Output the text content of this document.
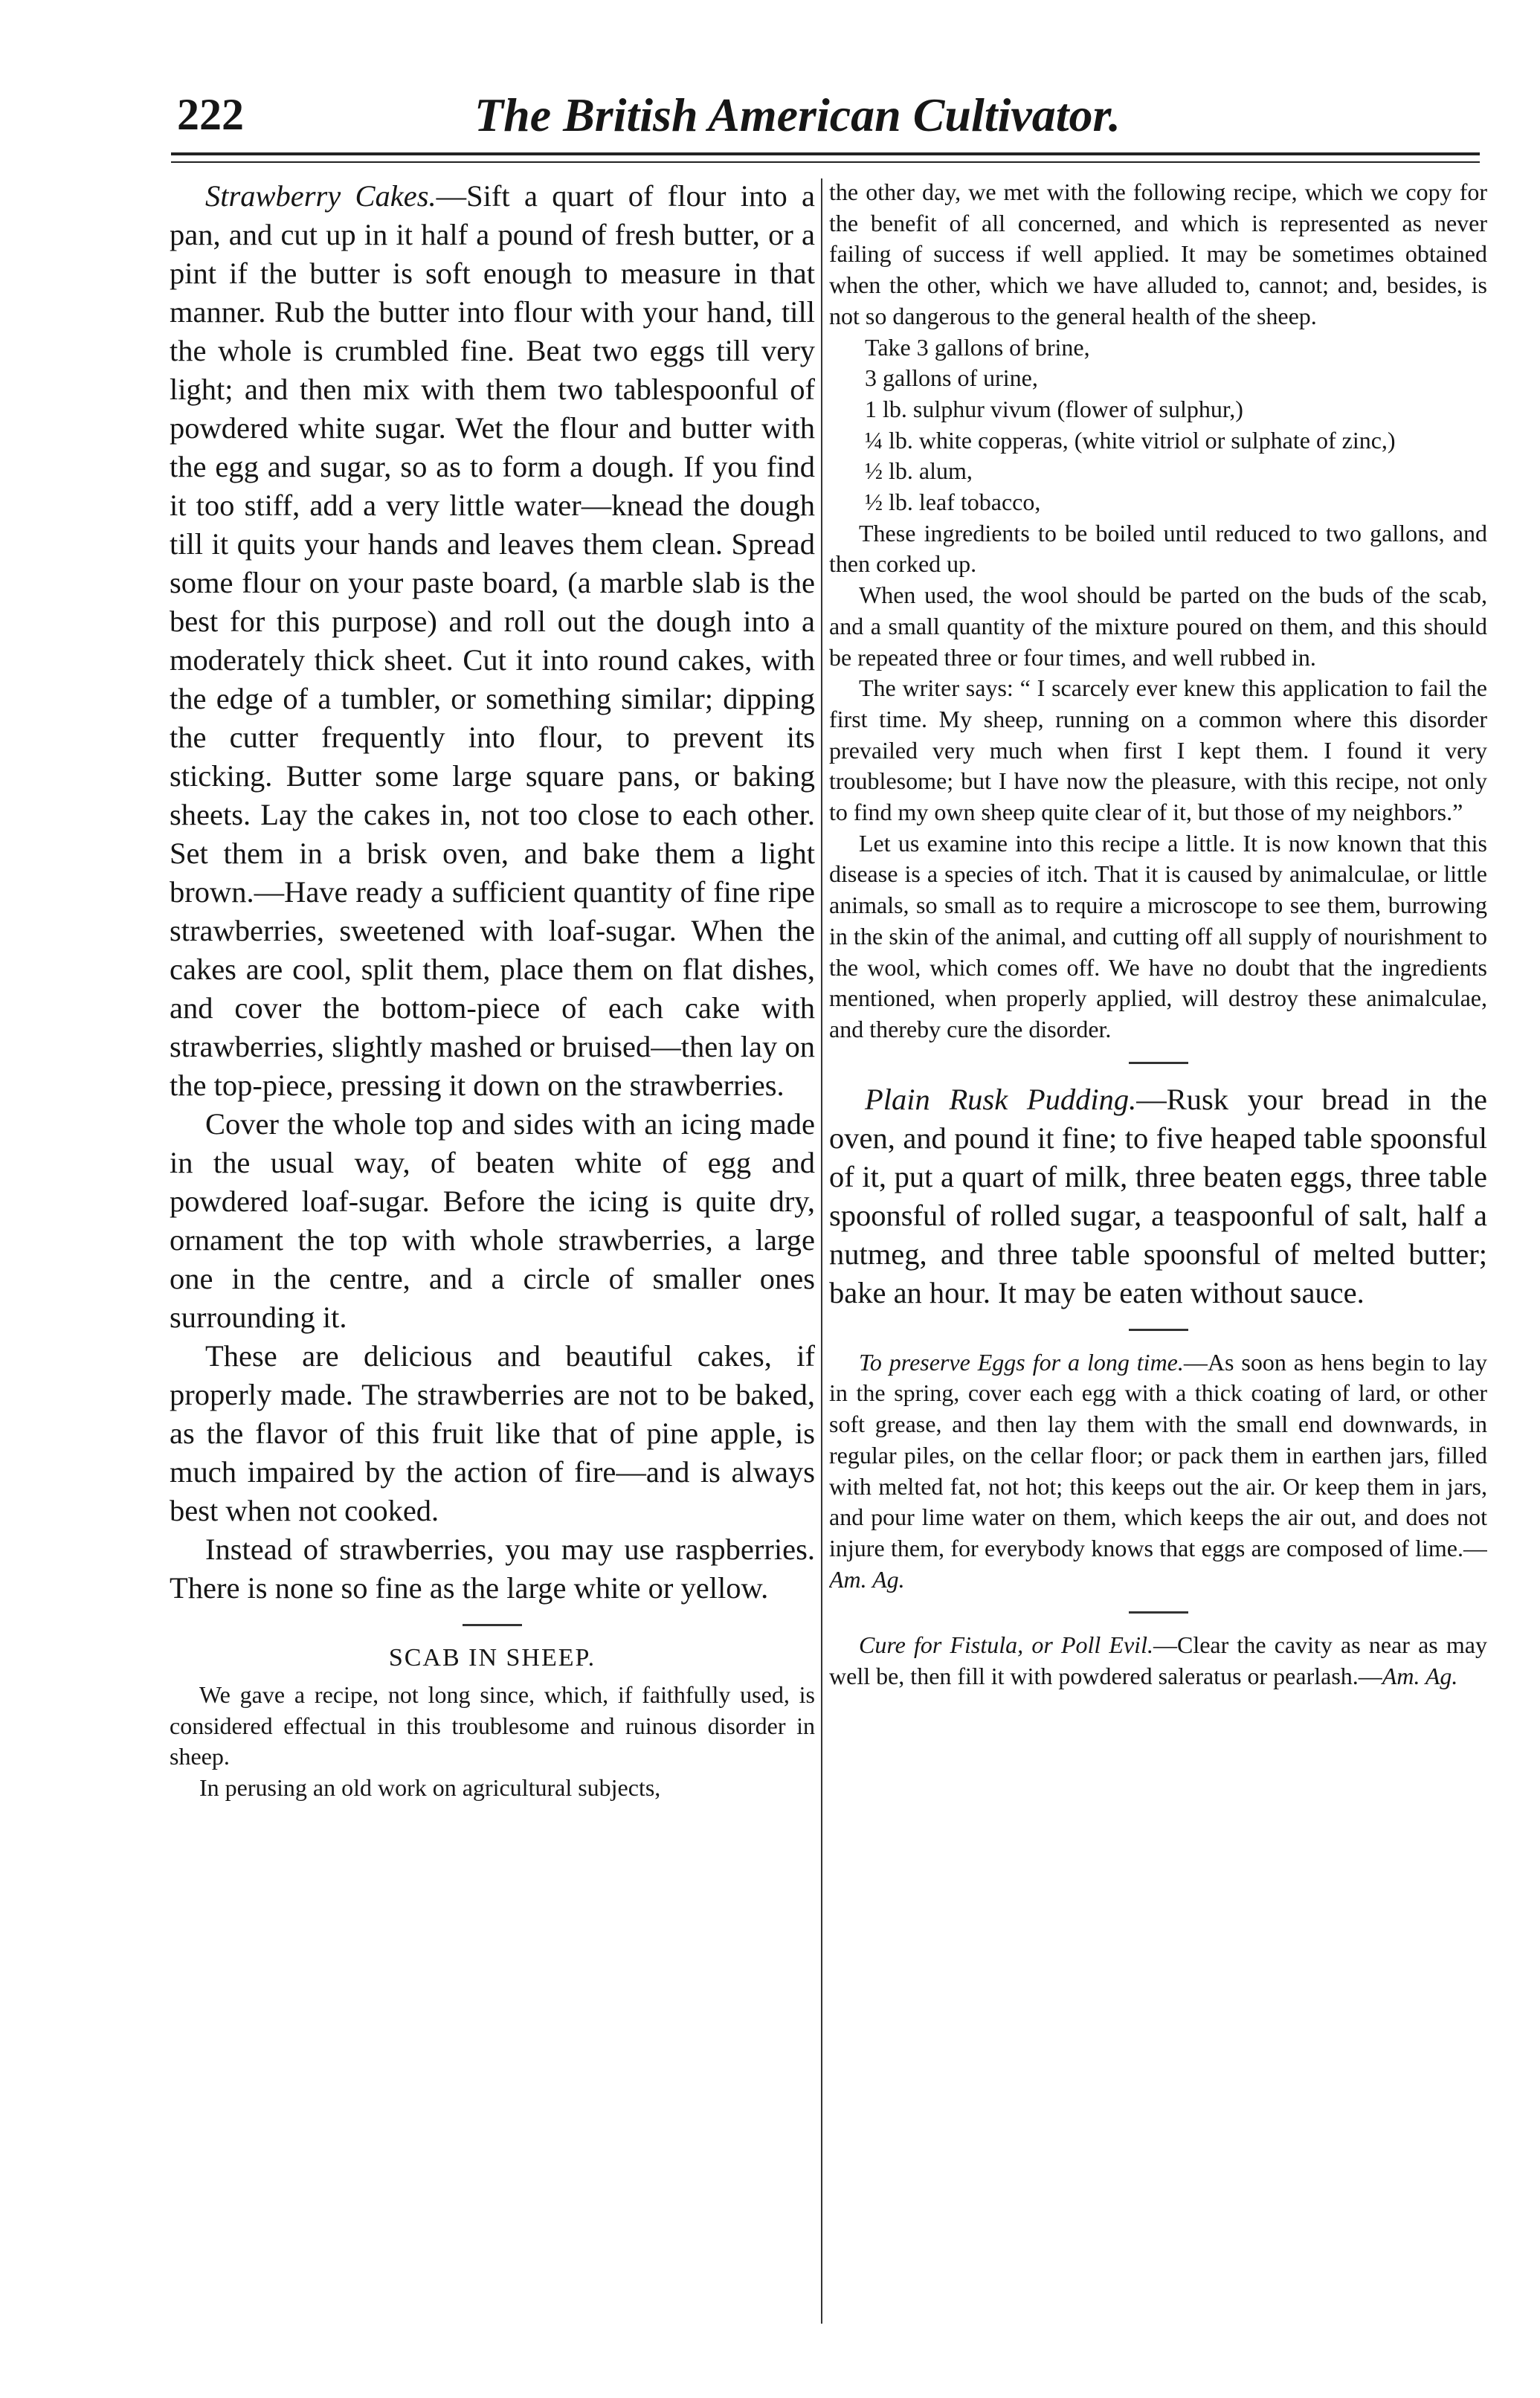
222	The British American Cultivator.

Strawberry Cakes.—Sift a quart of flour into a pan, and cut up in it half a pound of fresh butter, or a pint if the butter is soft enough to measure in that manner. Rub the butter into flour with your hand, till the whole is crumbled fine. Beat two eggs till very light; and then mix with them two tablespoonful of powdered white sugar. Wet the flour and butter with the egg and sugar, so as to form a dough. If you find it too stiff, add a very little water—knead the dough till it quits your hands and leaves them clean. Spread some flour on your paste board, (a marble slab is the best for this purpose) and roll out the dough into a moderately thick sheet. Cut it into round cakes, with the edge of a tumbler, or something similar; dipping the cutter frequently into flour, to prevent its sticking. Butter some large square pans, or baking sheets. Lay the cakes in, not too close to each other. Set them in a brisk oven, and bake them a light brown.—Have ready a sufficient quantity of fine ripe strawberries, sweetened with loaf-sugar. When the cakes are cool, split them, place them on flat dishes, and cover the bottom-piece of each cake with strawberries, slightly mashed or bruised—then lay on the top-piece, pressing it down on the strawberries.

Cover the whole top and sides with an icing made in the usual way, of beaten white of egg and powdered loaf-sugar. Before the icing is quite dry, ornament the top with whole strawberries, a large one in the centre, and a circle of smaller ones surrounding it.

These are delicious and beautiful cakes, if properly made. The strawberries are not to be baked, as the flavor of this fruit like that of pine apple, is much impaired by the action of fire—and is always best when not cooked.

Instead of strawberries, you may use raspberries. There is none so fine as the large white or yellow.

SCAB IN SHEEP.

We gave a recipe, not long since, which, if faithfully used, is considered effectual in this troublesome and ruinous disorder in sheep.

In perusing an old work on agricultural subjects,

the other day, we met with the following recipe, which we copy for the benefit of all concerned, and which is represented as never failing of success if well applied. It may be sometimes obtained when the other, which we have alluded to, cannot; and, besides, is not so dangerous to the general health of the sheep.

Take 3 gallons of brine,
3 gallons of urine,
1 lb. sulphur vivum (flower of sulphur,)
¼ lb. white copperas, (white vitriol or sulphate of zinc,)
½ lb. alum,
½ lb. leaf tobacco,

These ingredients to be boiled until reduced to two gallons, and then corked up.

When used, the wool should be parted on the buds of the scab, and a small quantity of the mixture poured on them, and this should be repeated three or four times, and well rubbed in.

The writer says: “ I scarcely ever knew this application to fail the first time. My sheep, running on a common where this disorder prevailed very much when first I kept them. I found it very troublesome; but I have now the pleasure, with this recipe, not only to find my own sheep quite clear of it, but those of my neighbors.”

Let us examine into this recipe a little. It is now known that this disease is a species of itch. That it is caused by animalculae, or little animals, so small as to require a microscope to see them, burrowing in the skin of the animal, and cutting off all supply of nourishment to the wool, which comes off. We have no doubt that the ingredients mentioned, when properly applied, will destroy these animalculae, and thereby cure the disorder.

Plain Rusk Pudding.—Rusk your bread in the oven, and pound it fine; to five heaped table spoonsful of it, put a quart of milk, three beaten eggs, three table spoonsful of rolled sugar, a teaspoonful of salt, half a nutmeg, and three table spoonsful of melted butter; bake an hour. It may be eaten without sauce.

To preserve Eggs for a long time.—As soon as hens begin to lay in the spring, cover each egg with a thick coating of lard, or other soft grease, and then lay them with the small end downwards, in regular piles, on the cellar floor; or pack them in earthen jars, filled with melted fat, not hot; this keeps out the air. Or keep them in jars, and pour lime water on them, which keeps the air out, and does not injure them, for everybody knows that eggs are composed of lime.—Am. Ag.

Cure for Fistula, or Poll Evil.—Clear the cavity as near as may well be, then fill it with powdered saleratus or pearlash.—Am. Ag.
